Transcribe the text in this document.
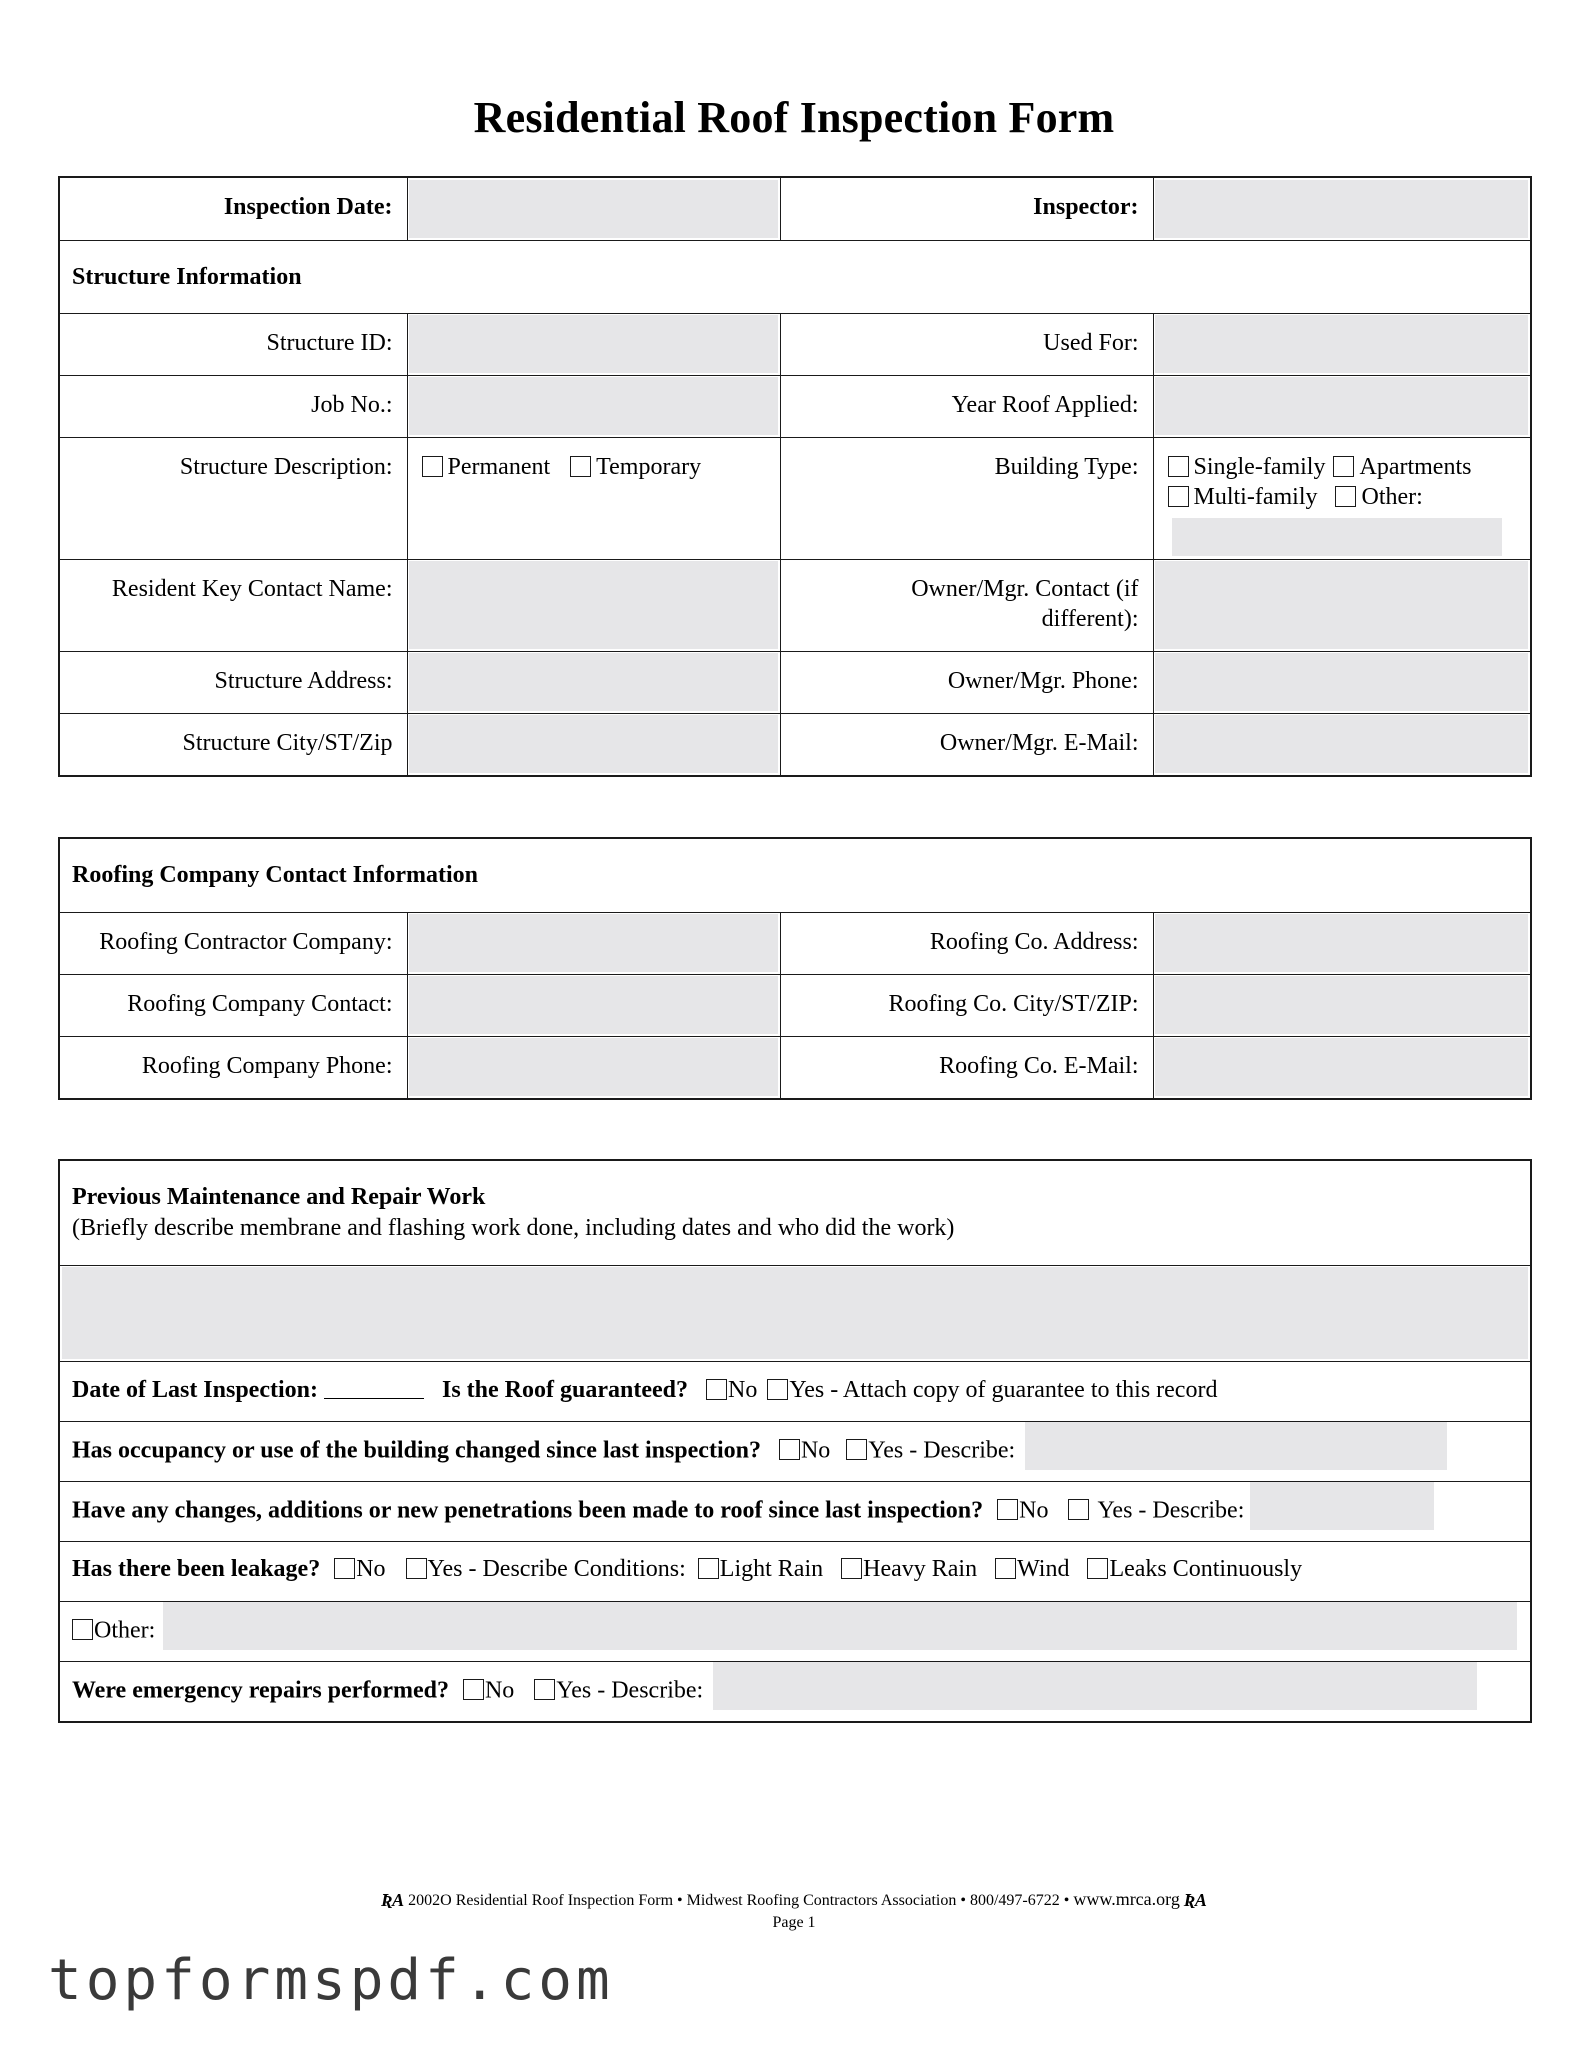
Residential Roof Inspection Form
Inspection Date:		Inspector:	
Structure Information			
Structure ID:		Used For:	
Job No.:		Year Roof Applied:	
Structure Description:	Permanent Temporary	Building Type:	Single-family Apartments
Multi-family Other:

Resident Key Contact Name:		Owner/Mgr. Contact (if different):	
Structure Address:		Owner/Mgr. Phone:	
Structure City/ST/Zip		Owner/Mgr. E-Mail:	
Roofing Company Contact Information			
Roofing Contractor Company:		Roofing Co. Address:	
Roofing Company Contact:		Roofing Co. City/ST/ZIP:	
Roofing Company Phone:		Roofing Co. E-Mail:	
Previous Maintenance and Repair Work
(Briefly describe membrane and flashing work done, including dates and who did the work)

Date of Last Inspection:	Is the Roof guaranteed? No Yes - Attach copy of guarantee to this record
Has occupancy or use of the building changed since last inspection? No Yes - Describe:
Have any changes, additions or new penetrations been made to roof since last inspection? No Yes - Describe:
Has there been leakage? No Yes - Describe Conditions: Light Rain Heavy Rain Wind Leaks Continuously
Other:
Were emergency repairs performed? No Yes - Describe:
ƦA 2002O Residential Roof Inspection Form • Midwest Roofing Contractors Association • 800/497-6722 • www.mrca.org ƦA
Page 1
topformspdf.com
